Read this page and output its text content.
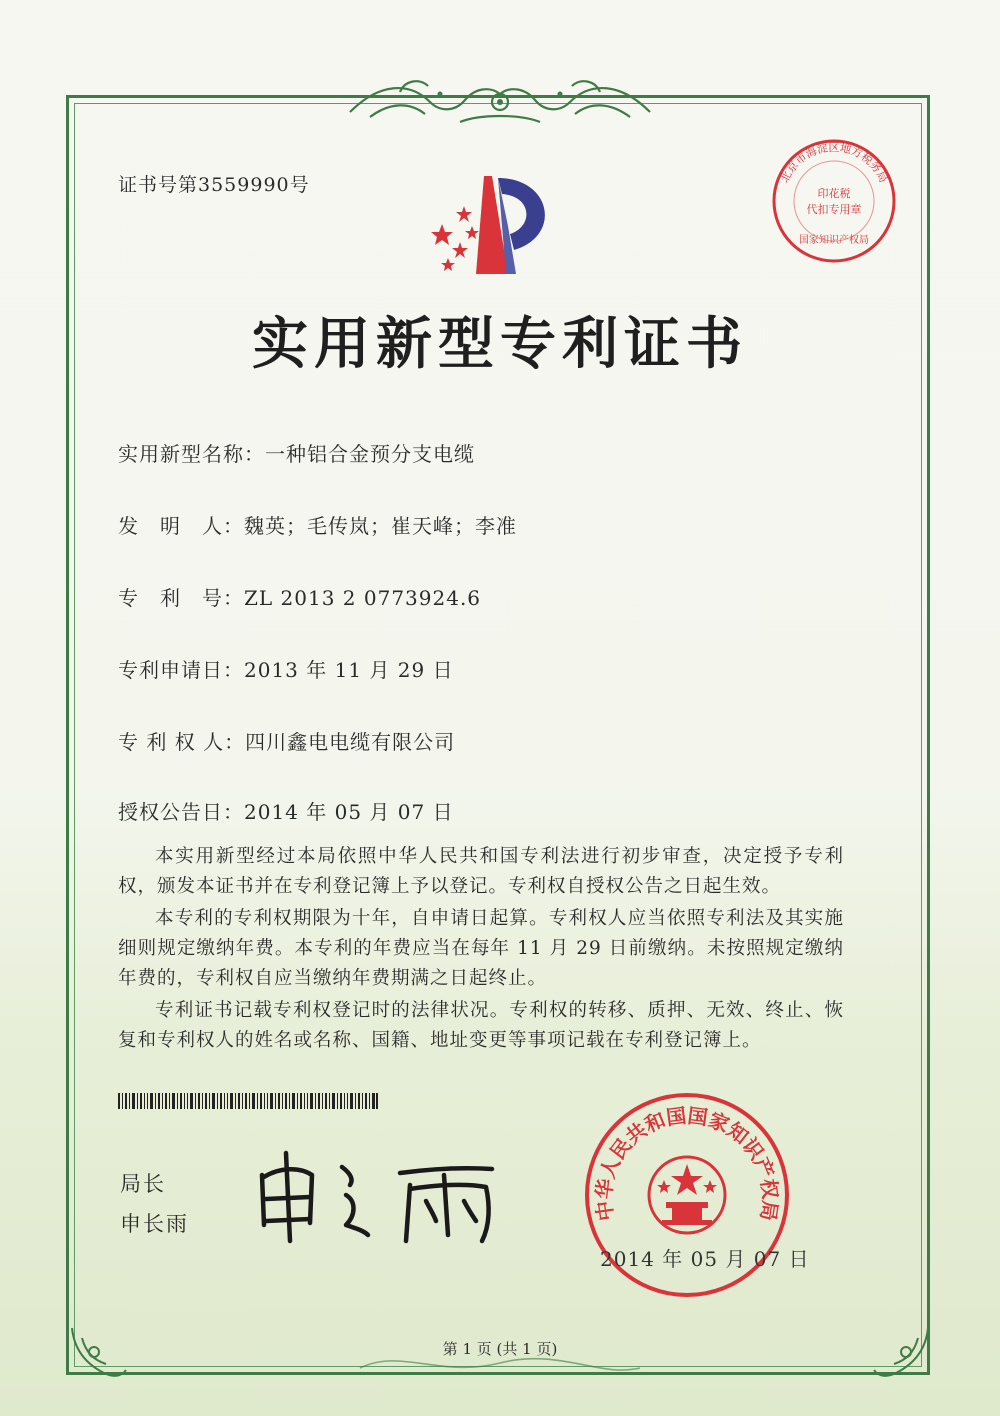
证书号第3559990号	北京市海淀区地方税务局
印花税
代扣专用章
国家知识产权局
实用新型专利证书
实用新型名称：一种铝合金预分支电缆
发　明　人：魏英；毛传岚；崔天峰；李准
专　利　号：ZL 2013 2 0773924.6
专利申请日：2013 年 11 月 29 日
专 利 权 人：四川鑫电电缆有限公司
授权公告日：2014 年 05 月 07 日

本实用新型经过本局依照中华人民共和国专利法进行初步审查，决定授予专利权，颁发本证书并在专利登记簿上予以登记。专利权自授权公告之日起生效。

本专利的专利权期限为十年，自申请日起算。专利权人应当依照专利法及其实施细则规定缴纳年费。本专利的年费应当在每年 11 月 29 日前缴纳。未按照规定缴纳年费的，专利权自应当缴纳年费期满之日起终止。

专利证书记载专利权登记时的法律状况。专利权的转移、质押、无效、终止、恢复和专利权人的姓名或名称、国籍、地址变更等事项记载在专利登记簿上。

局长
申长雨
中华人民共和国国家知识产权局
2014 年 05 月 07 日
第 1 页 (共 1 页)
